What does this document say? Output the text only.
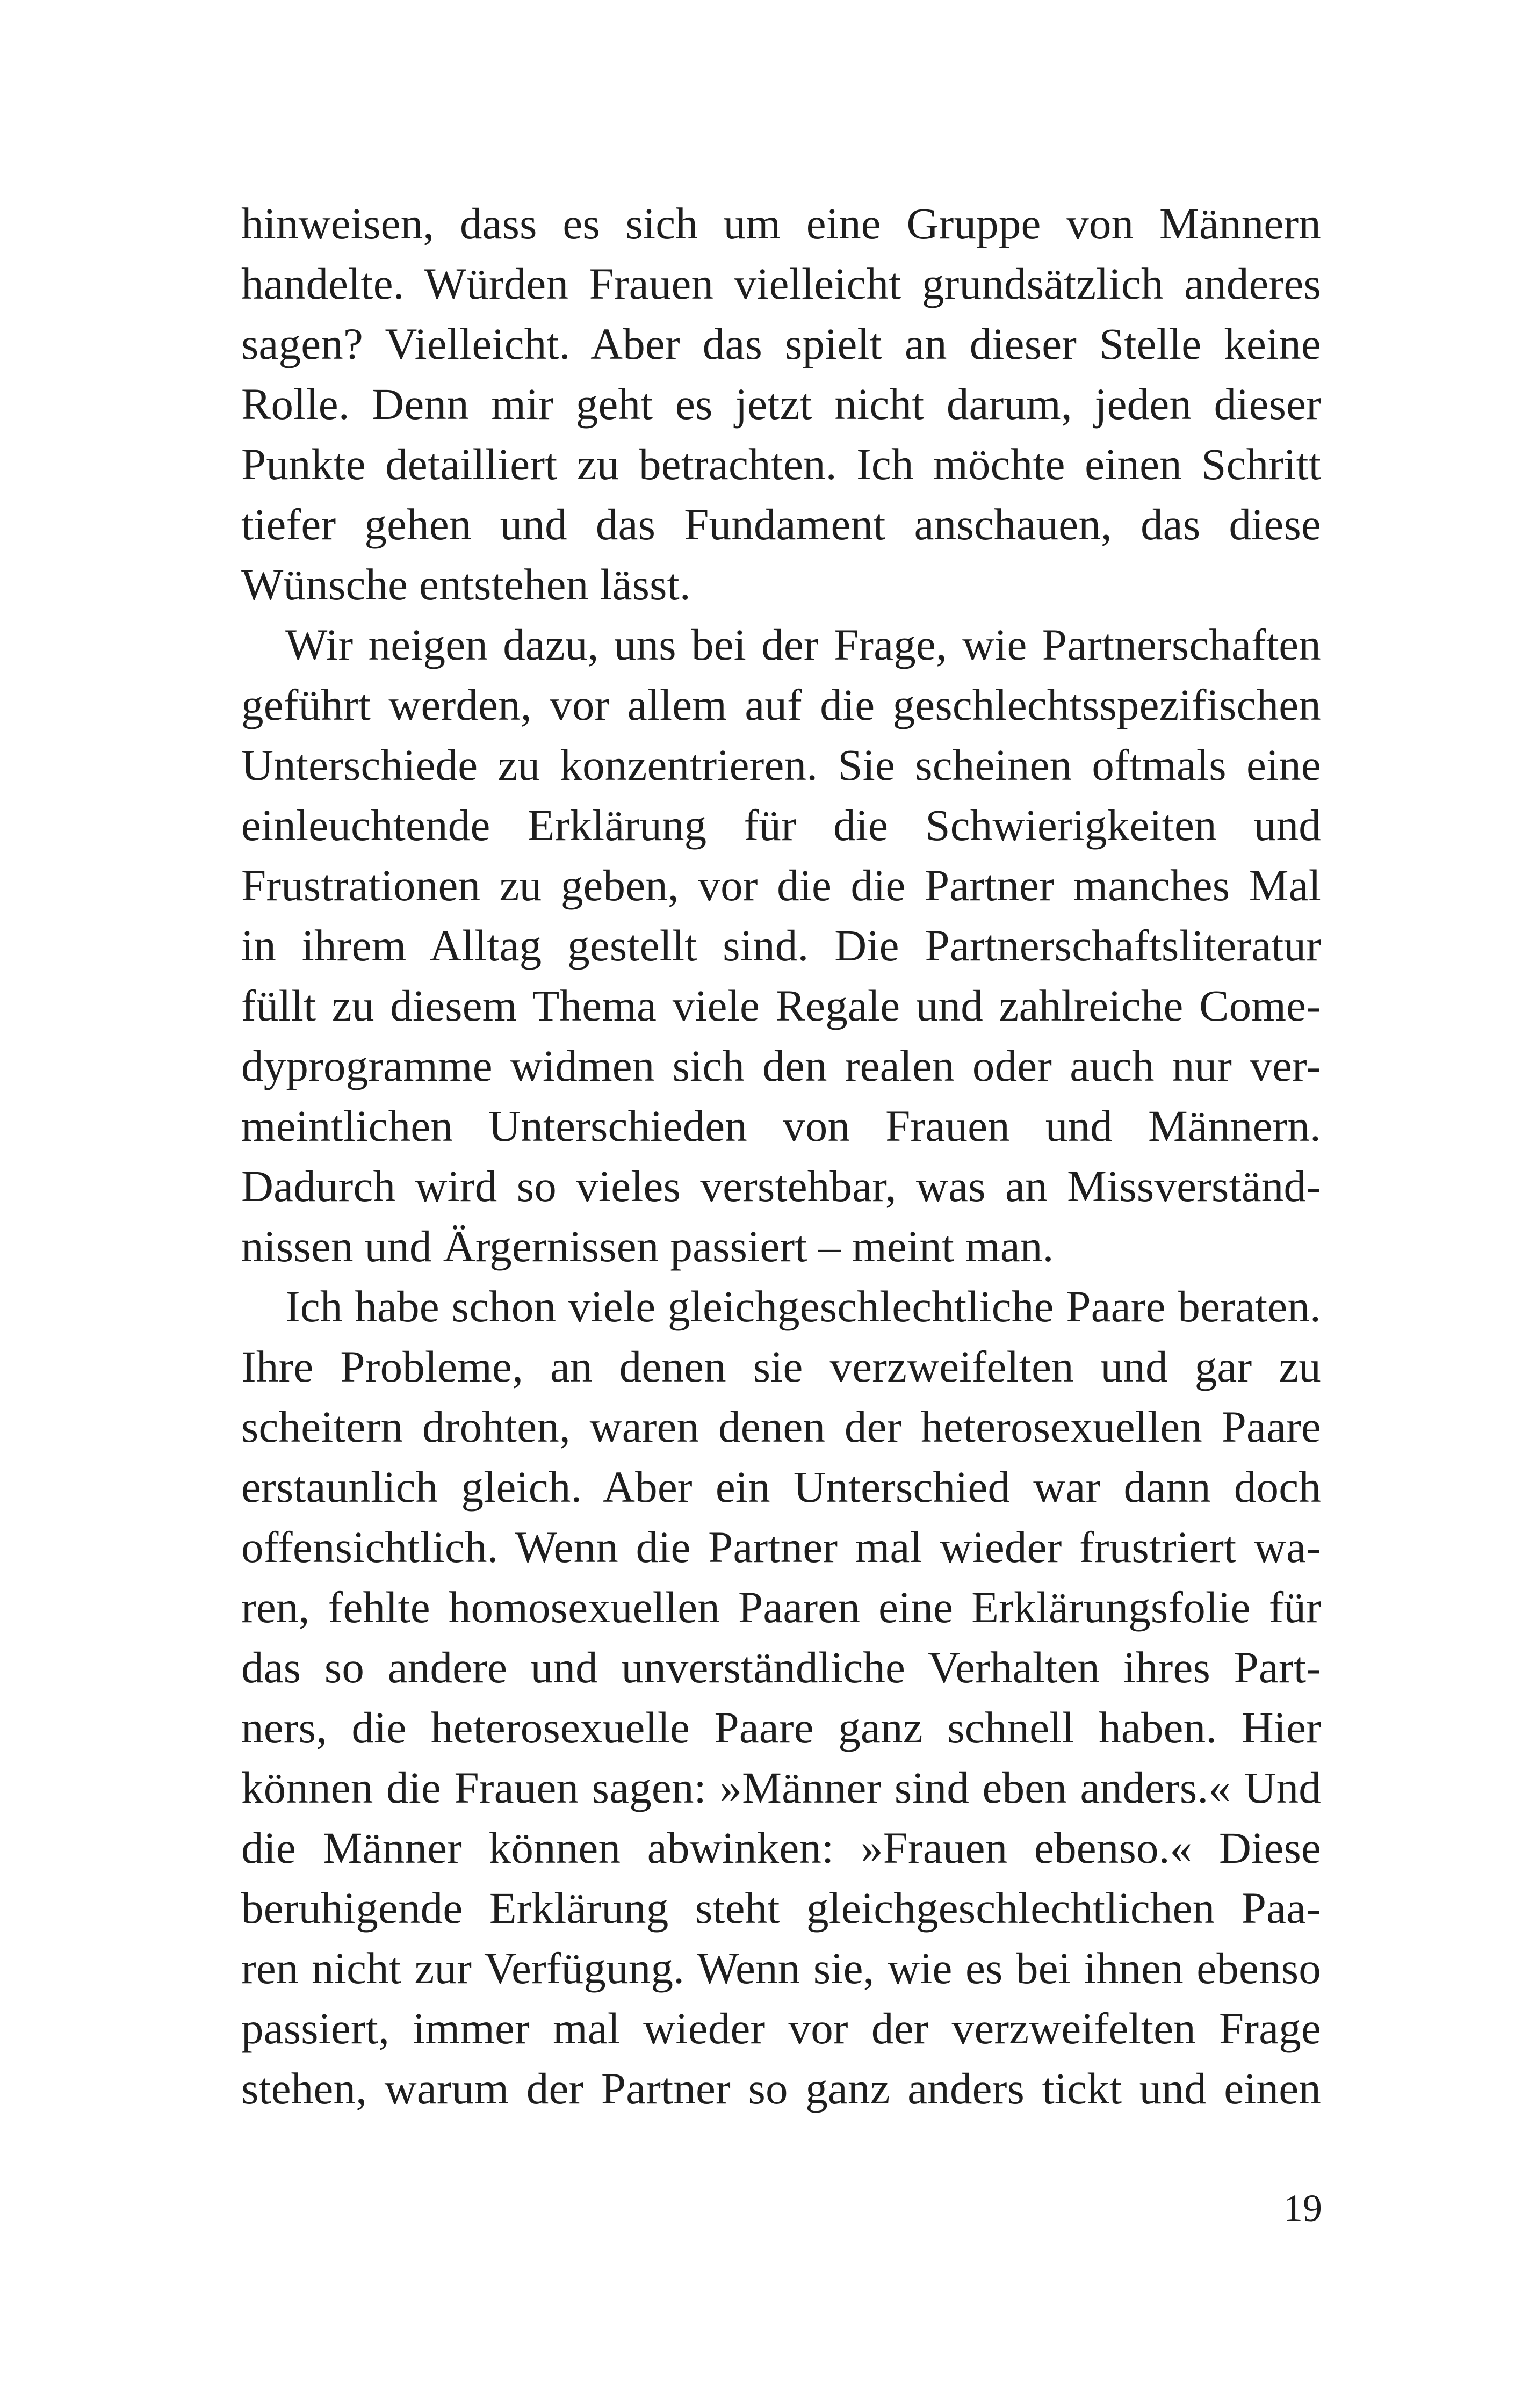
hinweisen, dass es sich um eine Gruppe von Männern
handelte. Würden Frauen vielleicht grundsätzlich anderes
sagen? Vielleicht. Aber das spielt an dieser Stelle keine
Rolle. Denn mir geht es jetzt nicht darum, jeden dieser
Punkte detailliert zu betrachten. Ich möchte einen Schritt
tiefer gehen und das Fundament anschauen, das diese
Wünsche entstehen lässt.
Wir neigen dazu, uns bei der Frage, wie Partnerschaften
geführt werden, vor allem auf die geschlechtsspezifischen
Unterschiede zu konzentrieren. Sie scheinen oftmals eine
einleuchtende Erklärung für die Schwierigkeiten und
Frustrationen zu geben, vor die die Partner manches Mal
in ihrem Alltag gestellt sind. Die Partnerschaftsliteratur
füllt zu diesem Thema viele Regale und zahlreiche Come-
dyprogramme widmen sich den realen oder auch nur ver-
meintlichen Unterschieden von Frauen und Männern.
Dadurch wird so vieles verstehbar, was an Missverständ-
nissen und Ärgernissen passiert – meint man.
Ich habe schon viele gleichgeschlechtliche Paare beraten.
Ihre Probleme, an denen sie verzweifelten und gar zu
scheitern drohten, waren denen der heterosexuellen Paare
erstaunlich gleich. Aber ein Unterschied war dann doch
offensichtlich. Wenn die Partner mal wieder frustriert wa-
ren, fehlte homosexuellen Paaren eine Erklärungsfolie für
das so andere und unverständliche Verhalten ihres Part-
ners, die heterosexuelle Paare ganz schnell haben. Hier
können die Frauen sagen: »Männer sind eben anders.« Und
die Männer können abwinken: »Frauen ebenso.« Diese
beruhigende Erklärung steht gleichgeschlechtlichen Paa-
ren nicht zur Verfügung. Wenn sie, wie es bei ihnen ebenso
passiert, immer mal wieder vor der verzweifelten Frage
stehen, warum der Partner so ganz anders tickt und einen
19
